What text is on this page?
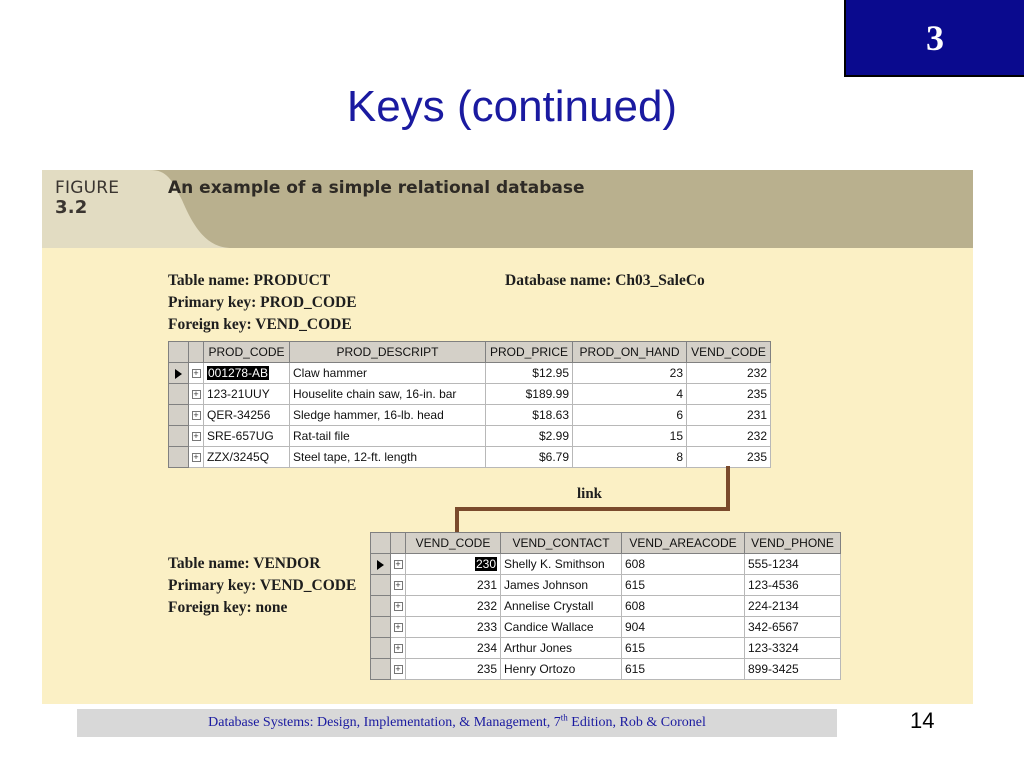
3
Keys (continued)
FIGURE
3.2
An example of a simple relational database
Table name: PRODUCT
Primary key: PROD_CODE
Foreign key: VEND_CODE
Database name: Ch03_SaleCo
		PROD_CODE	PROD_DESCRIPT	PROD_PRICE	PROD_ON_HAND	VEND_CODE
	+	001278-AB	Claw hammer	$12.95	23	232
	+	123-21UUY	Houselite chain saw, 16-in. bar	$189.99	4	235
	+	QER-34256	Sledge hammer, 16-lb. head	$18.63	6	231
	+	SRE-657UG	Rat-tail file	$2.99	15	232
	+	ZZX/3245Q	Steel tape, 12-ft. length	$6.79	8	235
link
Table name: VENDOR
Primary key: VEND_CODE
Foreign key: none
		VEND_CODE	VEND_CONTACT	VEND_AREACODE	VEND_PHONE
	+	230	Shelly K. Smithson	608	555-1234
	+	231	James Johnson	615	123-4536
	+	232	Annelise Crystall	608	224-2134
	+	233	Candice Wallace	904	342-6567
	+	234	Arthur Jones	615	123-3324
	+	235	Henry Ortozo	615	899-3425
Database Systems: Design, Implementation, & Management, 7th Edition, Rob & Coronel	14
